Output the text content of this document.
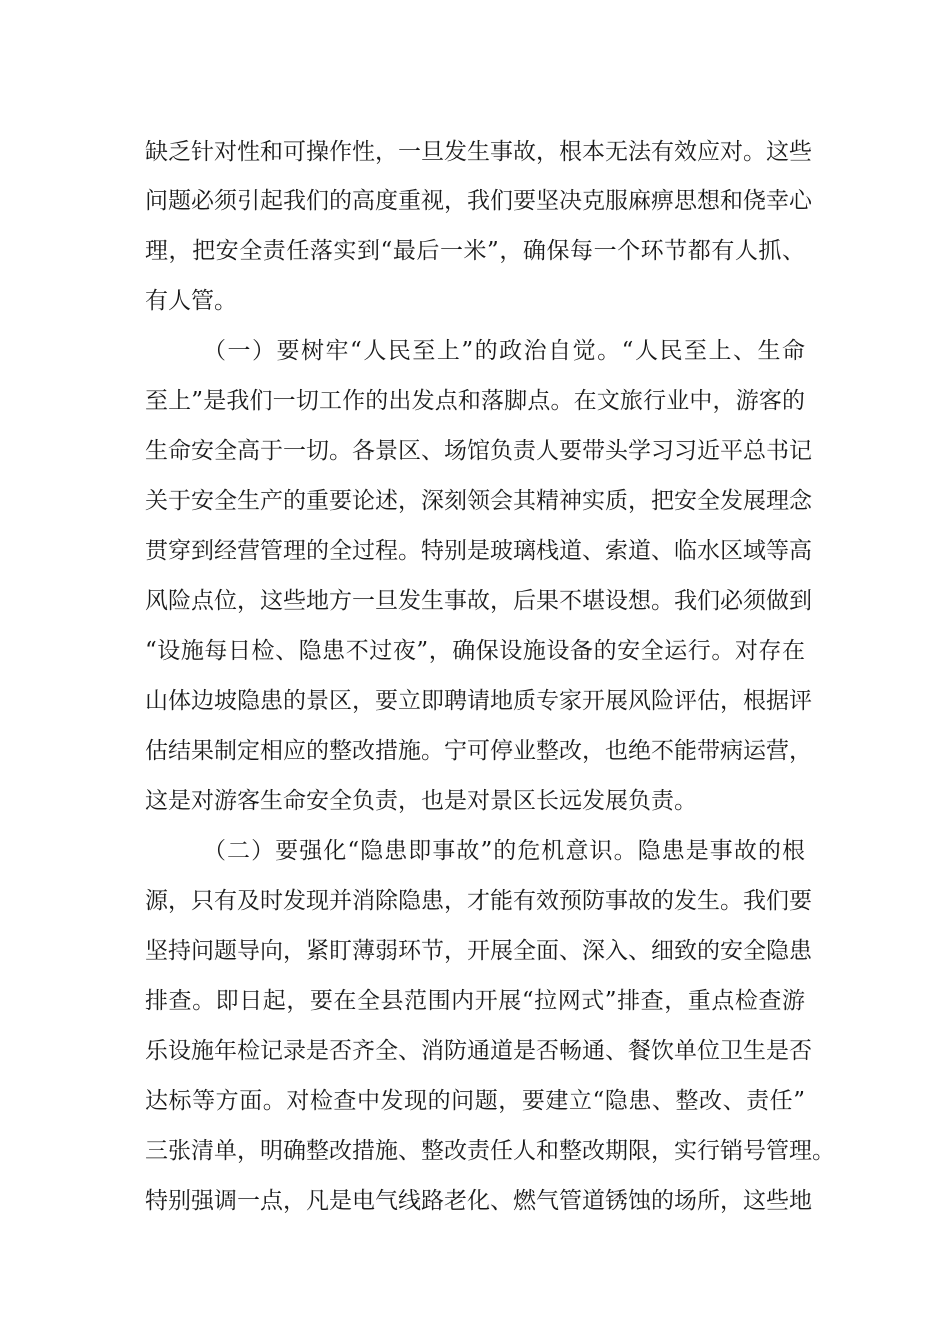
缺乏针对性和可操作性，一旦发生事故，根本无法有效应对。这些
问题必须引起我们的高度重视，我们要坚决克服麻痹思想和侥幸心
理，把安全责任落实到“最后一米”，确保每一个环节都有人抓、
有人管。
（一）要树牢“人民至上”的政治自觉。“人民至上、生命
至上”是我们一切工作的出发点和落脚点。在文旅行业中，游客的
生命安全高于一切。各景区、场馆负责人要带头学习习近平总书记
关于安全生产的重要论述，深刻领会其精神实质，把安全发展理念
贯穿到经营管理的全过程。特别是玻璃栈道、索道、临水区域等高
风险点位，这些地方一旦发生事故，后果不堪设想。我们必须做到
“设施每日检、隐患不过夜”，确保设施设备的安全运行。对存在
山体边坡隐患的景区，要立即聘请地质专家开展风险评估，根据评
估结果制定相应的整改措施。宁可停业整改，也绝不能带病运营，
这是对游客生命安全负责，也是对景区长远发展负责。
（二）要强化“隐患即事故”的危机意识。隐患是事故的根
源，只有及时发现并消除隐患，才能有效预防事故的发生。我们要
坚持问题导向，紧盯薄弱环节，开展全面、深入、细致的安全隐患
排查。即日起，要在全县范围内开展“拉网式”排查，重点检查游
乐设施年检记录是否齐全、消防通道是否畅通、餐饮单位卫生是否
达标等方面。对检查中发现的问题，要建立“隐患、整改、责任”
三张清单，明确整改措施、整改责任人和整改期限，实行销号管理。
特别强调一点，凡是电气线路老化、燃气管道锈蚀的场所，这些地
